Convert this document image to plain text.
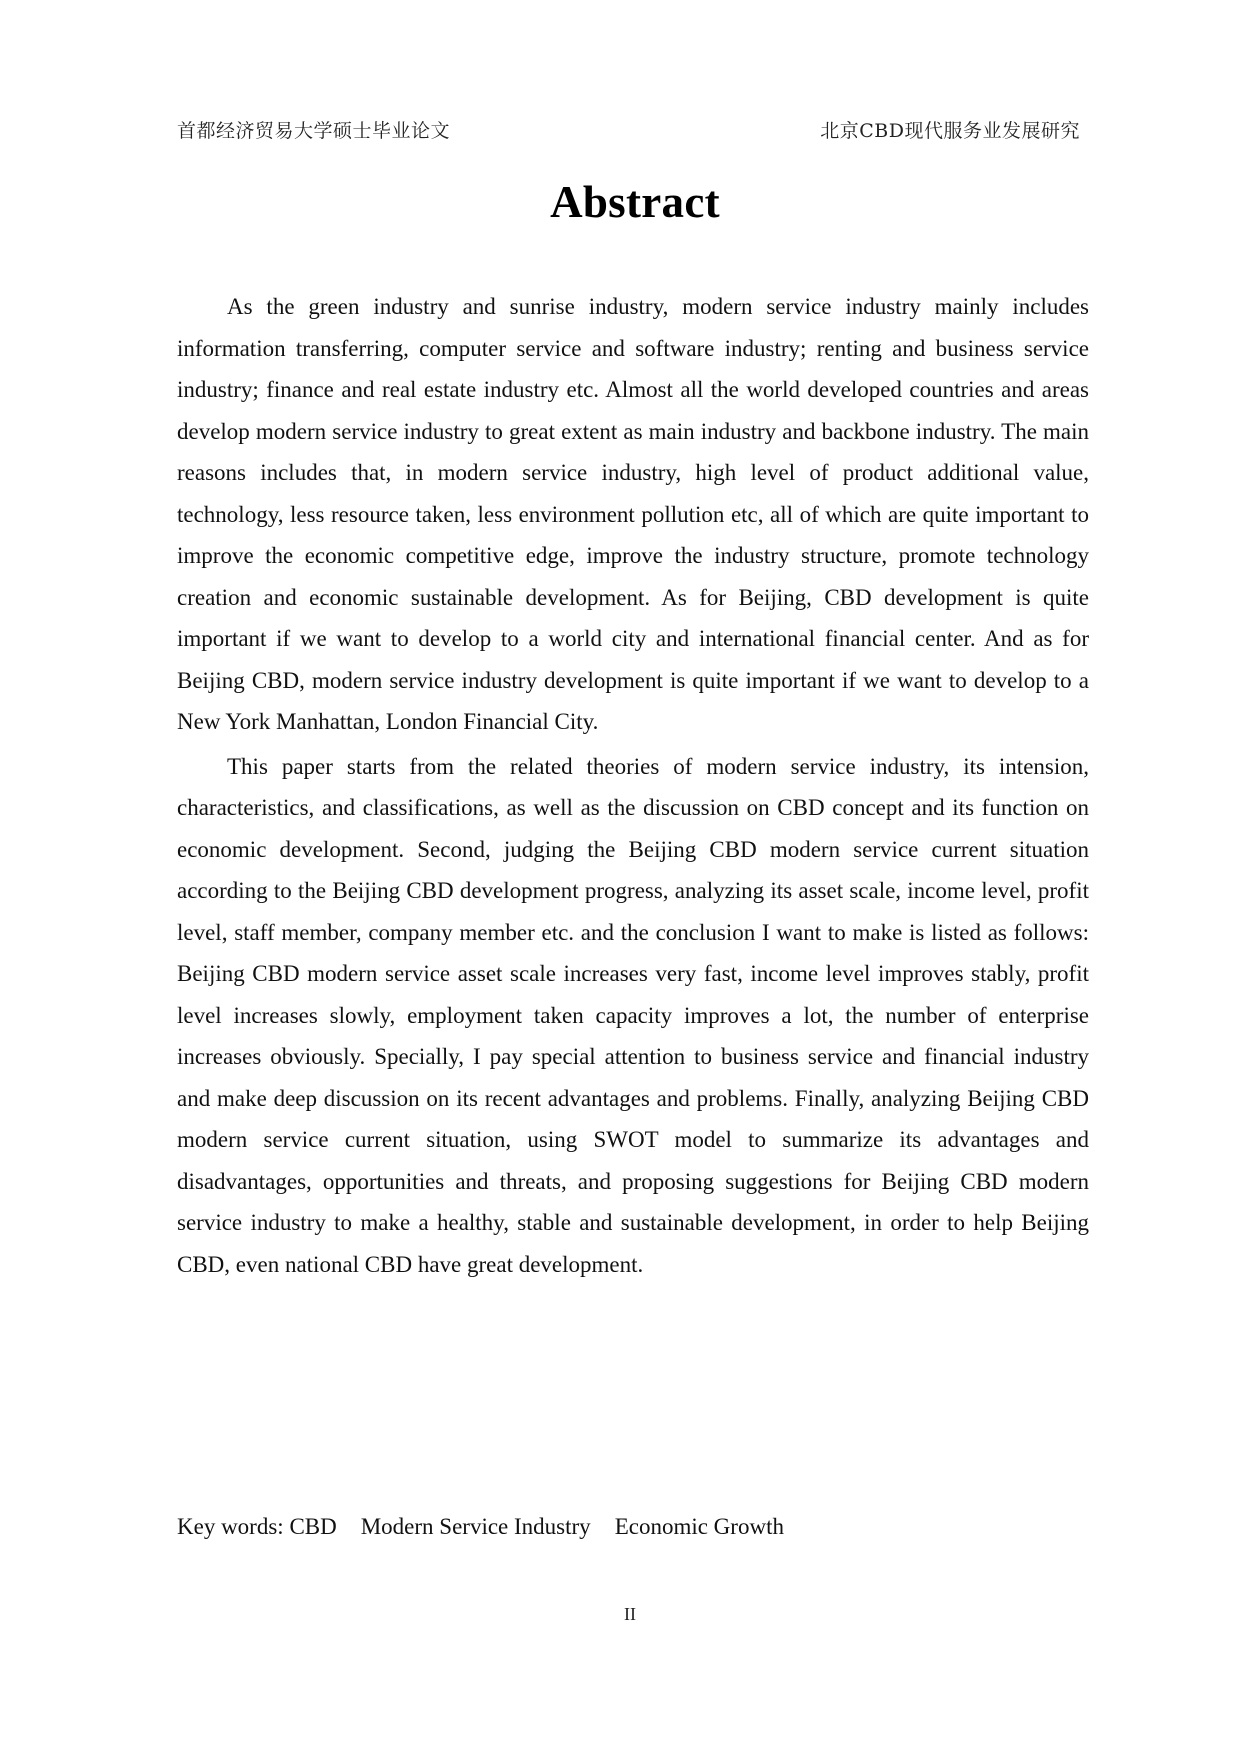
首都经济贸易大学硕士毕业论文	北京CBD现代服务业发展研究
Abstract

As the green industry and sunrise industry, modern service industry mainly includes information transferring, computer service and software industry; renting and business service industry; finance and real estate industry etc. Almost all the world developed countries and areas develop modern service industry to great extent as main industry and backbone industry. The main reasons includes that, in modern service industry, high level of product additional value, technology, less resource taken, less environment pollution etc, all of which are quite important to improve the economic competitive edge, improve the industry structure, promote technology creation and economic sustainable development. As for Beijing, CBD development is quite important if we want to develop to a world city and international financial center. And as for Beijing CBD, modern service industry development is quite important if we want to develop to a New York Manhattan, London Financial City.

This paper starts from the related theories of modern service industry, its intension, characteristics, and classifications, as well as the discussion on CBD concept and its function on economic development. Second, judging the Beijing CBD modern service current situation according to the Beijing CBD development progress, analyzing its asset scale, income level, profit level, staff member, company member etc. and the conclusion I want to make is listed as follows: Beijing CBD modern service asset scale increases very fast, income level improves stably, profit level increases slowly, employment taken capacity improves a lot, the number of enterprise increases obviously. Specially, I pay special attention to business service and financial industry and make deep discussion on its recent advantages and problems. Finally, analyzing Beijing CBD modern service current situation, using SWOT model to summarize its advantages and disadvantages, opportunities and threats, and proposing suggestions for Beijing CBD modern service industry to make a healthy, stable and sustainable development, in order to help Beijing CBD, even national CBD have great development.

Key words: CBD Modern Service Industry Economic Growth
II
